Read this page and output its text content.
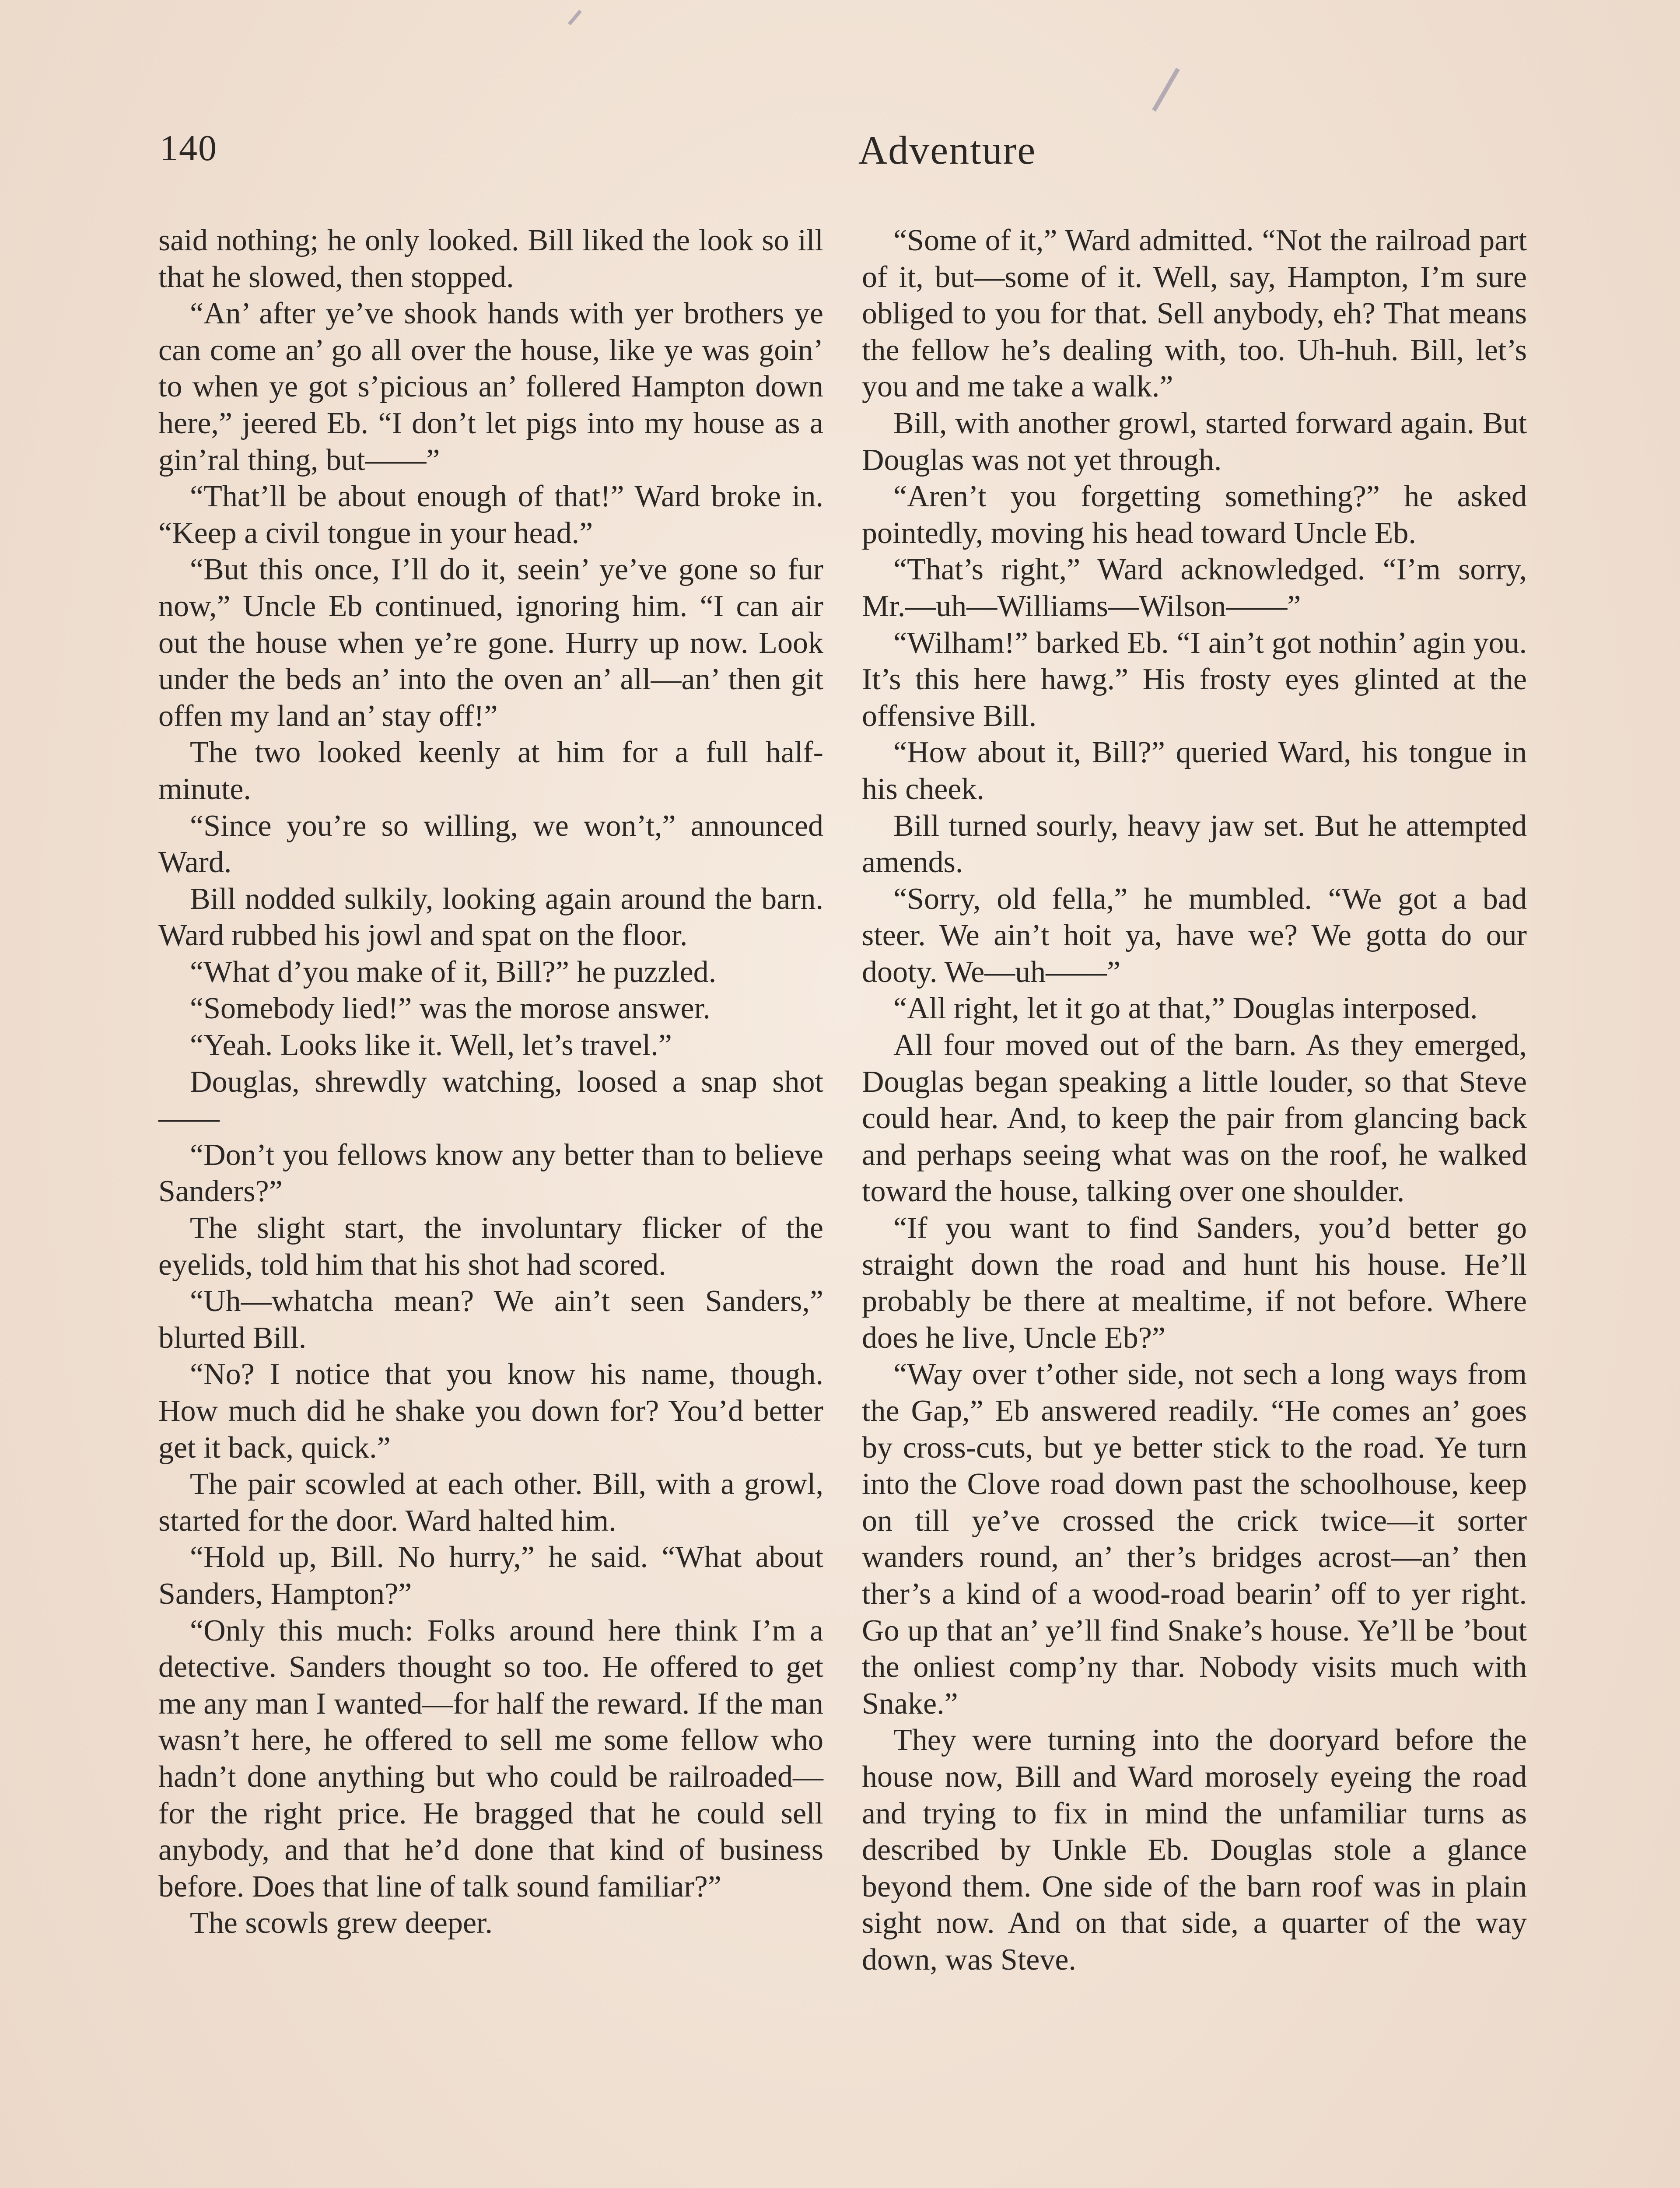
140	Adventure

said nothing; he only looked. Bill liked the look so ill that he slowed, then stopped.

“An’ after ye’ve shook hands with yer brothers ye can come an’ go all over the house, like ye was goin’ to when ye got s’picious an’ follered Hampton down here,” jeered Eb. “I don’t let pigs into my house as a gin’ral thing, but——”

“That’ll be about enough of that!” Ward broke in. “Keep a civil tongue in your head.”

“But this once, I’ll do it, seein’ ye’ve gone so fur now,” Uncle Eb continued, ignoring him. “I can air out the house when ye’re gone. Hurry up now. Look under the beds an’ into the oven an’ all—an’ then git offen my land an’ stay off!”

The two looked keenly at him for a full half-minute.

“Since you’re so willing, we won’t,” announced Ward.

Bill nodded sulkily, looking again around the barn. Ward rubbed his jowl and spat on the floor.

“What d’you make of it, Bill?” he puzzled.

“Somebody lied!” was the morose answer.

“Yeah. Looks like it. Well, let’s travel.”

Douglas, shrewdly watching, loosed a snap shot——

“Don’t you fellows know any better than to believe Sanders?”

The slight start, the involuntary flicker of the eyelids, told him that his shot had scored.

“Uh—whatcha mean? We ain’t seen Sanders,” blurted Bill.

“No? I notice that you know his name, though. How much did he shake you down for? You’d better get it back, quick.”

The pair scowled at each other. Bill, with a growl, started for the door. Ward halted him.

“Hold up, Bill. No hurry,” he said. “What about Sanders, Hampton?”

“Only this much: Folks around here think I’m a detective. Sanders thought so too. He offered to get me any man I wanted—for half the reward. If the man wasn’t here, he offered to sell me some fellow who hadn’t done anything but who could be railroaded—for the right price. He bragged that he could sell anybody, and that he’d done that kind of business before. Does that line of talk sound familiar?”

The scowls grew deeper.

“Some of it,” Ward admitted. “Not the railroad part of it, but—some of it. Well, say, Hampton, I’m sure obliged to you for that. Sell anybody, eh? That means the fellow he’s dealing with, too. Uh-huh. Bill, let’s you and me take a walk.”

Bill, with another growl, started forward again. But Douglas was not yet through.

“Aren’t you forgetting something?” he asked pointedly, moving his head toward Uncle Eb.

“That’s right,” Ward acknowledged. “I’m sorry, Mr.—uh—Williams—Wilson——”

“Wilham!” barked Eb. “I ain’t got nothin’ agin you. It’s this here hawg.” His frosty eyes glinted at the offensive Bill.

“How about it, Bill?” queried Ward, his tongue in his cheek.

Bill turned sourly, heavy jaw set. But he attempted amends.

“Sorry, old fella,” he mumbled. “We got a bad steer. We ain’t hoit ya, have we? We gotta do our dooty. We—uh——”

“All right, let it go at that,” Douglas interposed.

All four moved out of the barn. As they emerged, Douglas began speaking a little louder, so that Steve could hear. And, to keep the pair from glancing back and perhaps seeing what was on the roof, he walked toward the house, talking over one shoulder.

“If you want to find Sanders, you’d better go straight down the road and hunt his house. He’ll probably be there at mealtime, if not before. Where does he live, Uncle Eb?”

“Way over t’other side, not sech a long ways from the Gap,” Eb answered readily. “He comes an’ goes by cross-cuts, but ye better stick to the road. Ye turn into the Clove road down past the schoolhouse, keep on till ye’ve crossed the crick twice—it sorter wanders round, an’ ther’s bridges acrost—an’ then ther’s a kind of a wood-road bearin’ off to yer right. Go up that an’ ye’ll find Snake’s house. Ye’ll be ’bout the onliest comp’ny thar. Nobody visits much with Snake.”

They were turning into the dooryard before the house now, Bill and Ward morosely eyeing the road and trying to fix in mind the unfamiliar turns as described by Unkle Eb. Douglas stole a glance beyond them. One side of the barn roof was in plain sight now. And on that side, a quarter of the way down, was Steve.
